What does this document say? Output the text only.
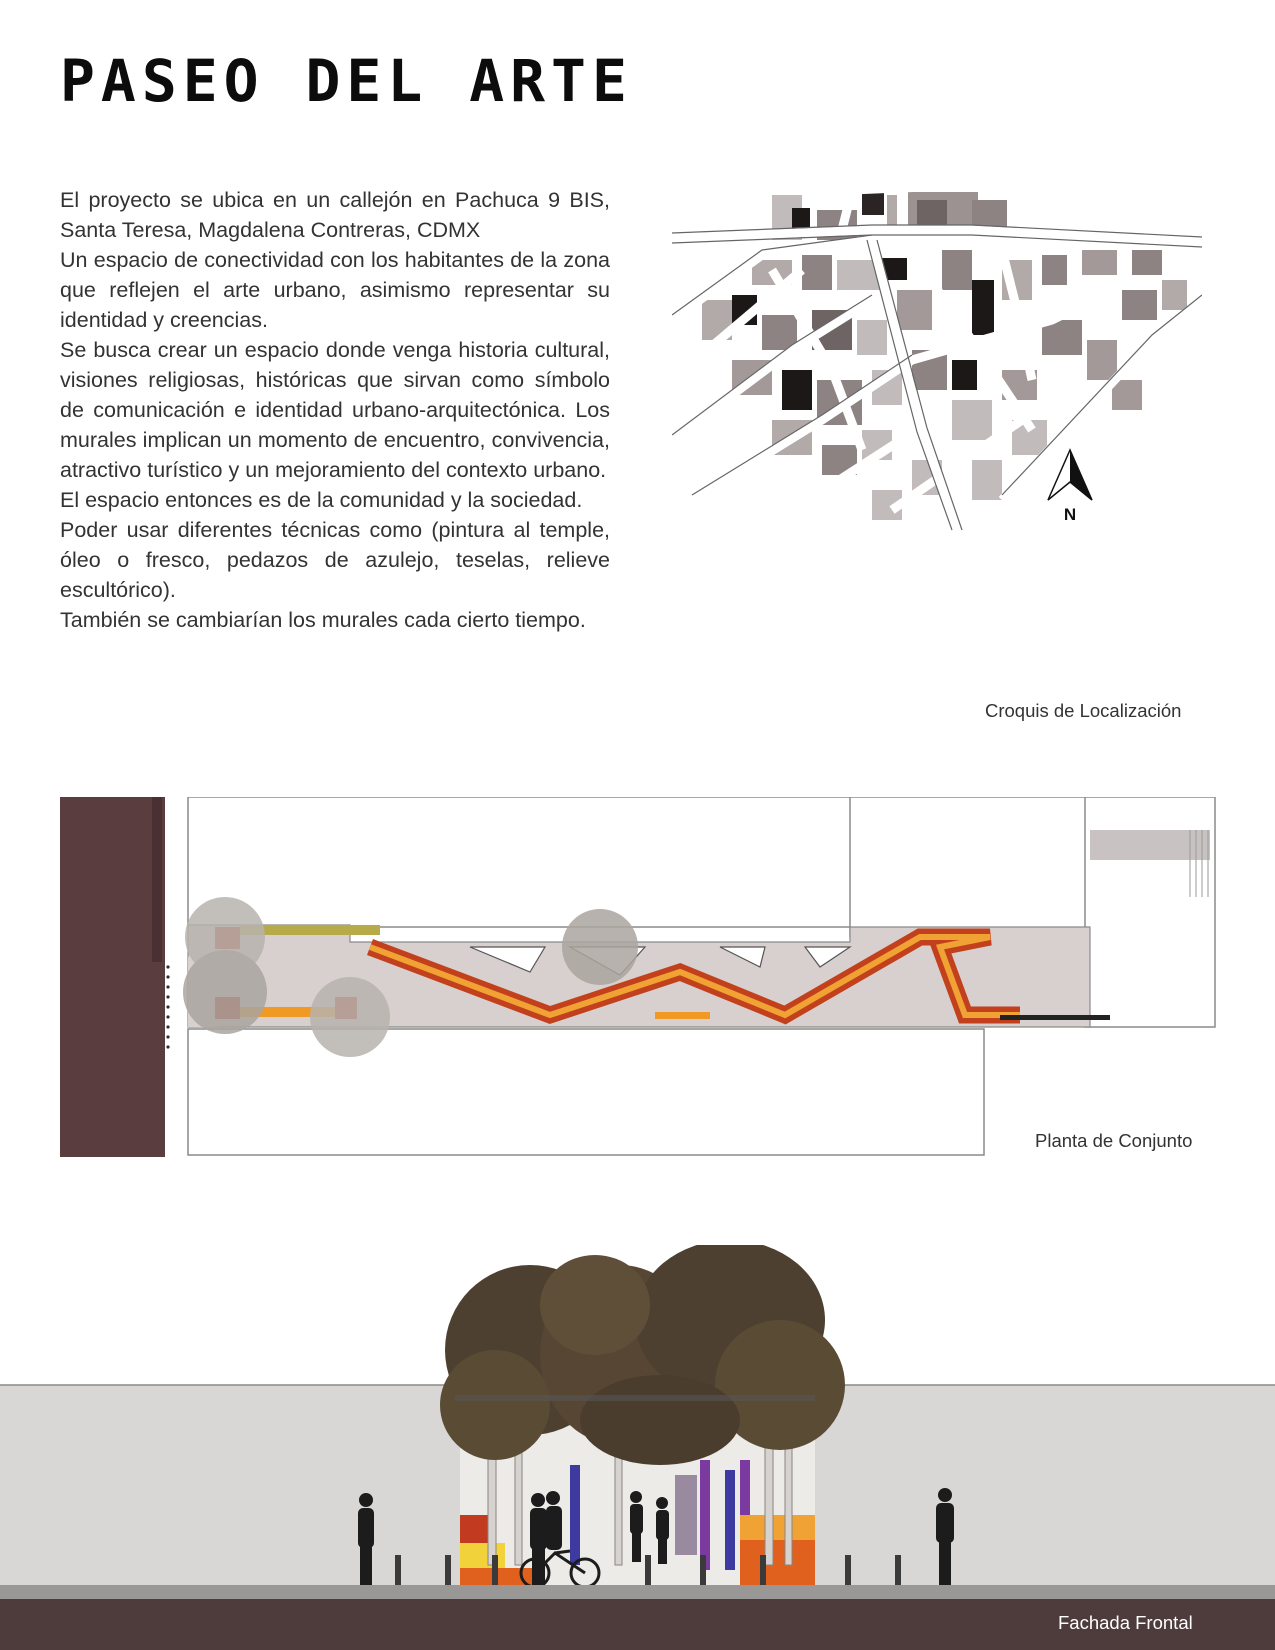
PASEO DEL ARTE

El proyecto se ubica en un callejón en Pachuca 9 BIS, Santa Teresa, Magdalena Contreras, CDMX

Un espacio de conectividad con los habitantes de la zona que reflejen el arte urbano, asimismo representar su identidad y creencias.

Se busca crear un espacio donde venga historia cultural, visiones religiosas, históricas que sirvan como símbolo de comunicación e identidad urbano-arquitectónica. Los murales implican un momento de encuentro, convivencia, atractivo turístico y un mejoramiento del contexto urbano.

El espacio entonces es de la comunidad y la sociedad.

Poder usar diferentes técnicas como (pintura al temple, óleo o fresco, pedazos de azulejo, teselas, relieve escultórico).

También se cambiarían los murales cada cierto tiempo.

N
Croquis de Localización
Planta de Conjunto
Fachada Frontal
